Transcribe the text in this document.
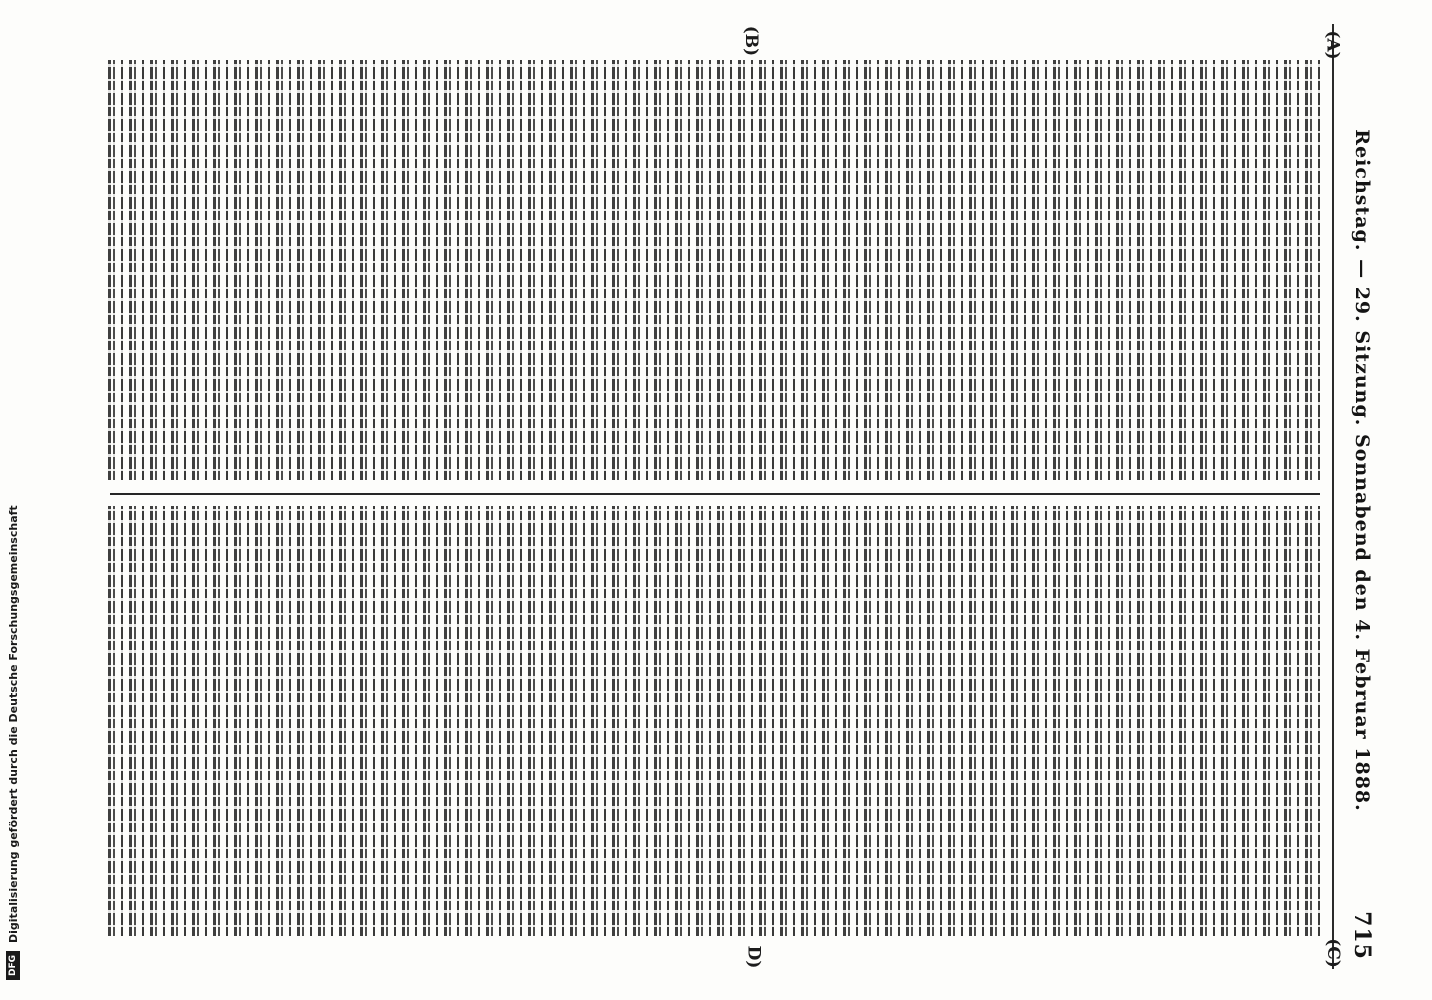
Reichstag. — 29. Sitzung. Sonnabend den 4. Februar 1888.
715
(A)
(B)
(C)
D)
DFG
Digitalisierung gefördert durch die Deutsche Forschungsgemeinschaft
